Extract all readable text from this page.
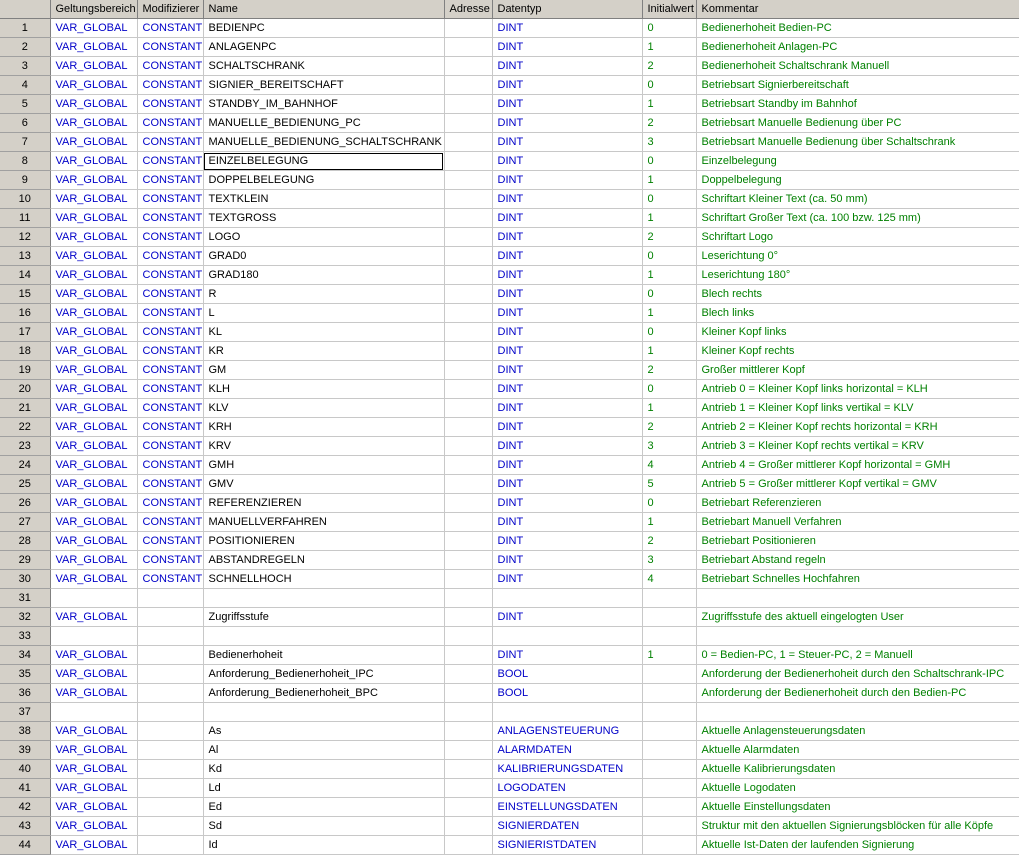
	Geltungsbereich	Modifizierer	Name	Adresse	Datentyp	Initialwert	Kommentar
1	VAR_GLOBAL	CONSTANT	BEDIENPC		DINT	0	Bedienerhoheit Bedien-PC
2	VAR_GLOBAL	CONSTANT	ANLAGENPC		DINT	1	Bedienerhoheit Anlagen-PC
3	VAR_GLOBAL	CONSTANT	SCHALTSCHRANK		DINT	2	Bedienerhoheit Schaltschrank Manuell
4	VAR_GLOBAL	CONSTANT	SIGNIER_BEREITSCHAFT		DINT	0	Betriebsart Signierbereitschaft
5	VAR_GLOBAL	CONSTANT	STANDBY_IM_BAHNHOF		DINT	1	Betriebsart Standby im Bahnhof
6	VAR_GLOBAL	CONSTANT	MANUELLE_BEDIENUNG_PC		DINT	2	Betriebsart Manuelle Bedienung über PC
7	VAR_GLOBAL	CONSTANT	MANUELLE_BEDIENUNG_SCHALTSCHRANK		DINT	3	Betriebsart Manuelle Bedienung über Schaltschrank
8	VAR_GLOBAL	CONSTANT	EINZELBELEGUNG		DINT	0	Einzelbelegung
9	VAR_GLOBAL	CONSTANT	DOPPELBELEGUNG		DINT	1	Doppelbelegung
10	VAR_GLOBAL	CONSTANT	TEXTKLEIN		DINT	0	Schriftart Kleiner Text (ca. 50 mm)
11	VAR_GLOBAL	CONSTANT	TEXTGROSS		DINT	1	Schriftart Großer Text (ca. 100 bzw. 125 mm)
12	VAR_GLOBAL	CONSTANT	LOGO		DINT	2	Schriftart Logo
13	VAR_GLOBAL	CONSTANT	GRAD0		DINT	0	Leserichtung 0°
14	VAR_GLOBAL	CONSTANT	GRAD180		DINT	1	Leserichtung 180°
15	VAR_GLOBAL	CONSTANT	R		DINT	0	Blech rechts
16	VAR_GLOBAL	CONSTANT	L		DINT	1	Blech links
17	VAR_GLOBAL	CONSTANT	KL		DINT	0	Kleiner Kopf links
18	VAR_GLOBAL	CONSTANT	KR		DINT	1	Kleiner Kopf rechts
19	VAR_GLOBAL	CONSTANT	GM		DINT	2	Großer mittlerer Kopf
20	VAR_GLOBAL	CONSTANT	KLH		DINT	0	Antrieb 0 = Kleiner Kopf links horizontal = KLH
21	VAR_GLOBAL	CONSTANT	KLV		DINT	1	Antrieb 1 = Kleiner Kopf links vertikal = KLV
22	VAR_GLOBAL	CONSTANT	KRH		DINT	2	Antrieb 2 = Kleiner Kopf rechts horizontal = KRH
23	VAR_GLOBAL	CONSTANT	KRV		DINT	3	Antrieb 3 = Kleiner Kopf rechts vertikal = KRV
24	VAR_GLOBAL	CONSTANT	GMH		DINT	4	Antrieb 4 = Großer mittlerer Kopf horizontal = GMH
25	VAR_GLOBAL	CONSTANT	GMV		DINT	5	Antrieb 5 = Großer mittlerer Kopf vertikal = GMV
26	VAR_GLOBAL	CONSTANT	REFERENZIEREN		DINT	0	Betriebart Referenzieren
27	VAR_GLOBAL	CONSTANT	MANUELLVERFAHREN		DINT	1	Betriebart Manuell Verfahren
28	VAR_GLOBAL	CONSTANT	POSITIONIEREN		DINT	2	Betriebart Positionieren
29	VAR_GLOBAL	CONSTANT	ABSTANDREGELN		DINT	3	Betriebart Abstand regeln
30	VAR_GLOBAL	CONSTANT	SCHNELLHOCH		DINT	4	Betriebart Schnelles Hochfahren
31							
32	VAR_GLOBAL		Zugriffsstufe		DINT		Zugriffsstufe des aktuell eingelogten User
33							
34	VAR_GLOBAL		Bedienerhoheit		DINT	1	0 = Bedien-PC, 1 = Steuer-PC, 2 = Manuell
35	VAR_GLOBAL		Anforderung_Bedienerhoheit_IPC		BOOL		Anforderung der Bedienerhoheit durch den Schaltschrank-IPC
36	VAR_GLOBAL		Anforderung_Bedienerhoheit_BPC		BOOL		Anforderung der Bedienerhoheit durch den Bedien-PC
37							
38	VAR_GLOBAL		As		ANLAGENSTEUERUNG		Aktuelle Anlagensteuerungsdaten
39	VAR_GLOBAL		Al		ALARMDATEN		Aktuelle Alarmdaten
40	VAR_GLOBAL		Kd		KALIBRIERUNGSDATEN		Aktuelle Kalibrierungsdaten
41	VAR_GLOBAL		Ld		LOGODATEN		Aktuelle Logodaten
42	VAR_GLOBAL		Ed		EINSTELLUNGSDATEN		Aktuelle Einstellungsdaten
43	VAR_GLOBAL		Sd		SIGNIERDATEN		Struktur mit den aktuellen Signierungsblöcken für alle Köpfe
44	VAR_GLOBAL		Id		SIGNIERISTDATEN		Aktuelle Ist-Daten der laufenden Signierung
